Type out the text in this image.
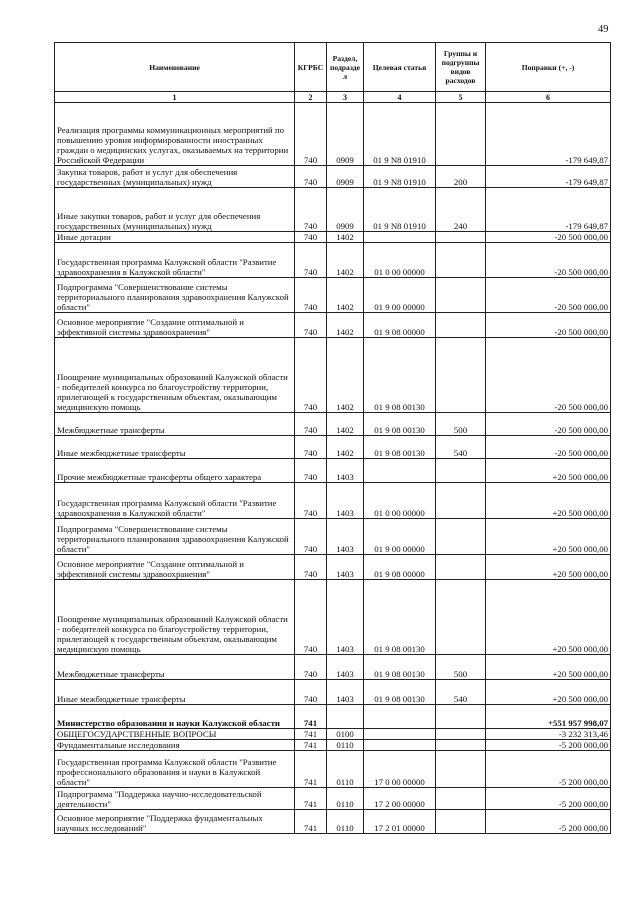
49
Наименование	КГРБС	Раздел, подразде л	Целевая статья	Группы и подгруппы видов расходов	Поправки (+, -)
1	2	3	4	5	6
Реализация программы коммуникационных мероприятий по повышению уровня информированности иностранных граждан о медицинских услугах, оказываемых на территории Российской Федерации	740	0909	01 9 N8 01910		-179 649,87
Закупка товаров, работ и услуг для обеспечения государственных (муниципальных) нужд	740	0909	01 9 N8 01910	200	-179 649,87
Иные закупки товаров, работ и услуг для обеспечения государственных (муниципальных) нужд	740	0909	01 9 N8 01910	240	-179 649,87
Иные дотации	740	1402			-20 500 000,00
Государственная программа Калужской области "Развитие здравоохранения в Калужской области"	740	1402	01 0 00 00000		-20 500 000,00
Подпрограмма "Совершенствование системы территориального планирования здравоохранения Калужской области"	740	1402	01 9 00 00000		-20 500 000,00
Основное мероприятие "Создание оптимальной и эффективной системы здравоохранения"	740	1402	01 9 08 00000		-20 500 000,00
Поощрение муниципальных образований Калужской области - победителей конкурса по благоустройству территории, прилегающей к государственным объектам, оказывающим медицинскую помощь	740	1402	01 9 08 00130		-20 500 000,00
Межбюджетные трансферты	740	1402	01 9 08 00130	500	-20 500 000,00
Иные межбюджетные трансферты	740	1402	01 9 08 00130	540	-20 500 000,00
Прочие межбюджетные трансферты общего характера	740	1403			+20 500 000,00
Государственная программа Калужской области "Развитие здравоохранения в Калужской области"	740	1403	01 0 00 00000		+20 500 000,00
Подпрограмма "Совершенствование системы территориального планирования здравоохранения Калужской области"	740	1403	01 9 00 00000		+20 500 000,00
Основное мероприятие "Создание оптимальной и эффективной системы здравоохранения"	740	1403	01 9 08 00000		+20 500 000,00
Поощрение муниципальных образований Калужской области - победителей конкурса по благоустройству территории, прилегающей к государственным объектам, оказывающим медицинскую помощь	740	1403	01 9 08 00130		+20 500 000,00
Межбюджетные трансферты	740	1403	01 9 08 00130	500	+20 500 000,00
Иные межбюджетные трансферты	740	1403	01 9 08 00130	540	+20 500 000,00
Министерство образования и науки Калужской области	741				+551 957 998,07
ОБЩЕГОСУДАРСТВЕННЫЕ ВОПРОСЫ	741	0100			-3 232 313,46
Фундаментальные исследования	741	0110			-5 200 000,00
Государственная программа Калужской области "Развитие профессионального образования и науки в Калужской области"	741	0110	17 0 00 00000		-5 200 000,00
Подпрограмма "Поддержка научно-исследовательской деятельности"	741	0110	17 2 00 00000		-5 200 000,00
Основное мероприятие "Поддержка фундаментальных научных исследований"	741	0110	17 2 01 00000		-5 200 000,00
